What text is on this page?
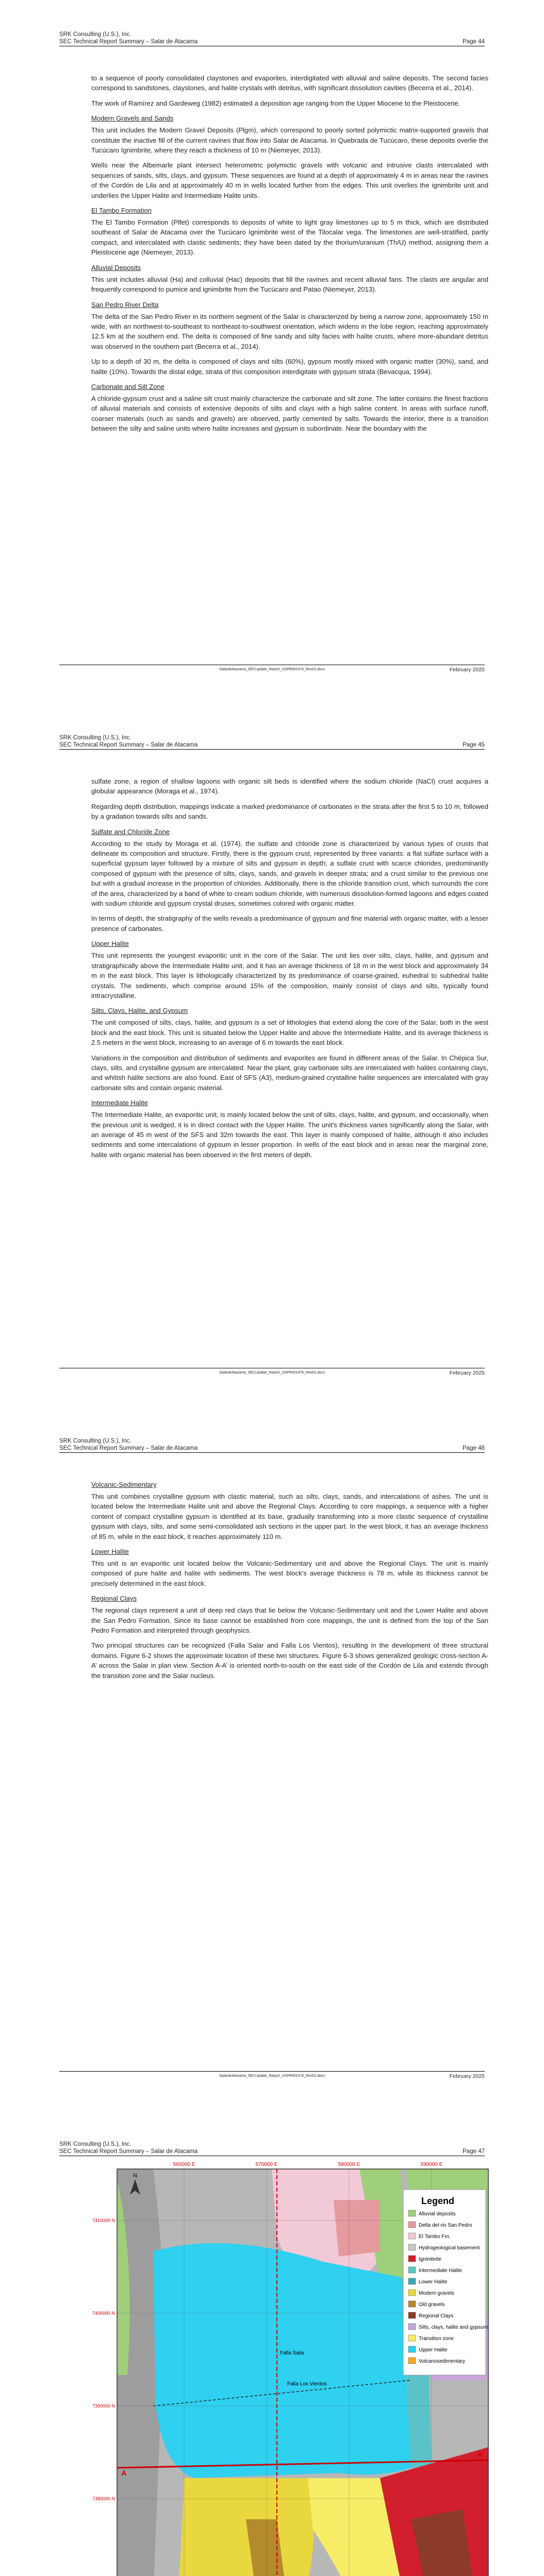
SRK Consulting (U.S.), Inc.
SEC Technical Report Summary – Salar de Atacama	Page 44

to a sequence of poorly consolidated claystones and evaporites, interdigitated with alluvial and saline deposits. The second facies correspond to sandstones, claystones, and halite crystals with detritus, with significant dissolution cavities (Becerra et al., 2014).

The work of Ramírez and Gardeweg (1982) estimated a deposition age ranging from the Upper Miocene to the Pleistocene.

Modern Gravels and Sands

This unit includes the Modern Gravel Deposits (Plgm), which correspond to poorly sorted polymictic matrix-supported gravels that constitute the inactive fill of the current ravines that flow into Salar de Atacama. In Quebrada de Tucúcaro, these deposits overlie the Tucúcaro Ignimbrite, where they reach a thickness of 10 m (Niemeyer, 2013).

Wells near the Albemarle plant intersect heterometric polymictic gravels with volcanic and intrusive clasts intercalated with sequences of sands, silts, clays, and gypsum. These sequences are found at a depth of approximately 4 m in areas near the ravines of the Cordón de Lila and at approximately 40 m in wells located further from the edges. This unit overlies the ignimbrite unit and underlies the Upper Halite and Intermediate Halite units.

El Tambo Formation

The El Tambo Formation (Plfet) corresponds to deposits of white to light gray limestones up to 5 m thick, which are distributed southeast of Salar de Atacama over the Tucúcaro Ignimbrite west of the Tilocalar vega. The limestones are well-stratified, partly compact, and intercalated with clastic sediments; they have been dated by the thorium/uranium (Th/U) method, assigning them a Pleistocene age (Niemeyer, 2013).

Alluvial Deposits

This unit includes alluvial (Ha) and colluvial (Hac) deposits that fill the ravines and recent alluvial fans. The clasts are angular and frequently correspond to pumice and ignimbrite from the Tucúcaro and Patao (Niemeyer, 2013).

San Pedro River Delta

The delta of the San Pedro River in its northern segment of the Salar is characterized by being a narrow zone, approximately 150 m wide, with an northwest-to-southeast to northeast-to-southwest orientation, which widens in the lobe region, reaching approximately 12.5 km at the southern end. The delta is composed of fine sandy and silty facies with halite crusts, where more-abundant detritus was observed in the southern part (Becerra et al., 2014).

Up to a depth of 30 m, the delta is composed of clays and silts (60%), gypsum mostly mixed with organic matter (30%), sand, and halite (10%). Towards the distal edge, strata of this composition interdigitate with gypsum strata (Bevacqua, 1994).

Carbonate and Silt Zone

A chloride-gypsum crust and a saline silt crust mainly characterize the carbonate and silt zone. The latter contains the finest fractions of alluvial materials and consists of extensive deposits of silts and clays with a high saline content. In areas with surface runoff, coarser materials (such as sands and gravels) are observed, partly cemented by salts. Towards the interior, there is a transition between the silty and saline units where halite increases and gypsum is subordinate. Near the boundary with the

SalardeAtacama_SECUpdate_Report_USPR001676_Rev02.docx	February 2025
SRK Consulting (U.S.), Inc.
SEC Technical Report Summary – Salar de Atacama	Page 45

sulfate zone, a region of shallow lagoons with organic silt beds is identified where the sodium chloride (NaCl) crust acquires a globular appearance (Moraga et al., 1974).

Regarding depth distribution, mappings indicate a marked predominance of carbonates in the strata after the first 5 to 10 m, followed by a gradation towards silts and sands.

Sulfate and Chloride Zone

According to the study by Moraga et al. (1974), the sulfate and chloride zone is characterized by various types of crusts that delineate its composition and structure. Firstly, there is the gypsum crust, represented by three variants: a flat sulfate surface with a superficial gypsum layer followed by a mixture of silts and gypsum in depth; a sulfate crust with scarce chlorides, predominantly composed of gypsum with the presence of silts, clays, sands, and gravels in deeper strata; and a crust similar to the previous one but with a gradual increase in the proportion of chlorides. Additionally, there is the chloride transition crust, which surrounds the core of the area, characterized by a band of white to cream sodium chloride, with numerous dissolution-formed lagoons and edges coated with sodium chloride and gypsum crystal druses, sometimes colored with organic matter.

In terms of depth, the stratigraphy of the wells reveals a predominance of gypsum and fine material with organic matter, with a lesser presence of carbonates.

Upper Halite

This unit represents the youngest evaporitic unit in the core of the Salar. The unit lies over silts, clays, halite, and gypsum and stratigraphically above the Intermediate Halite unit, and it has an average thickness of 18 m in the west block and approximately 34 m in the east block. This layer is lithologically characterized by its predominance of coarse-grained, euhedral to subhedral halite crystals. The sediments, which comprise around 15% of the composition, mainly consist of clays and silts, typically found intracrystalline.

Silts, Clays, Halite, and Gypsum

The unit composed of silts, clays, halite, and gypsum is a set of lithologies that extend along the core of the Salar, both in the west block and the east block. This unit is situated below the Upper Halite and above the Intermediate Halite, and its average thickness is 2.5 meters in the west block, increasing to an average of 6 m towards the east block.

Variations in the composition and distribution of sediments and evaporites are found in different areas of the Salar. In Chépica Sur, clays, silts, and crystalline gypsum are intercalated. Near the plant, gray carbonate silts are intercalated with halites containing clays, and whitish halite sections are also found. East of SFS (A3), medium-grained crystalline halite sequences are intercalated with gray carbonate silts and contain organic material.

Intermediate Halite

The Intermediate Halite, an evaporitic unit, is mainly located below the unit of silts, clays, halite, and gypsum, and occasionally, when the previous unit is wedged, it is in direct contact with the Upper Halite. The unit's thickness varies significantly along the Salar, with an average of 45 m west of the SFS and 32m towards the east. This layer is mainly composed of halite, although it also includes sediments and some intercalations of gypsum in lesser proportion. In wells of the east block and in areas near the marginal zone, halite with organic material has been observed in the first meters of depth.

SalardeAtacama_SECUpdate_Report_USPR001676_Rev02.docx	February 2025
SRK Consulting (U.S.), Inc.
SEC Technical Report Summary – Salar de Atacama	Page 46
Volcanic-Sedimentary

This unit combines crystalline gypsum with clastic material, such as silts, clays, sands, and intercalations of ashes. The unit is located below the Intermediate Halite unit and above the Regional Clays. According to core mappings, a sequence with a higher content of compact crystalline gypsum is identified at its base, gradually transforming into a more clastic sequence of crystalline gypsum with clays, silts, and some semi-consolidated ash sections in the upper part. In the west block, it has an average thickness of 85 m, while in the east block, it reaches approximately 110 m.

Lower Halite

This unit is an evaporitic unit located below the Volcanic-Sedimentary unit and above the Regional Clays. The unit is mainly composed of pure halite and halite with sediments. The west block's average thickness is 78 m, while its thickness cannot be precisely determined in the east block.

Regional Clays

The regional clays represent a unit of deep red clays that lie below the Volcanic-Sedimentary unit and the Lower Halite and above the San Pedro Formation. Since its base cannot be established from core mappings, the unit is defined from the top of the San Pedro Formation and interpreted through geophysics.

Two principal structures can be recognized (Falla Salar and Falla Los Vientos), resulting in the development of three structural domains. Figure 6-2 shows the approximate location of these two structures. Figure 6-3 shows generalized geologic cross-section A-A’ across the Salar in plan view. Section A-A’ is oriented north-to-south on the east side of the Cordón de Lila and extends through the transition zone and the Salar nucleus.

SalardeAtacama_SECUpdate_Report_USPR001676_Rev02.docx	February 2025
SRK Consulting (U.S.), Inc.
SEC Technical Report Summary – Salar de Atacama	Page 47
560000 E	570000 E	580000 E	590000 E
7410000 N
7400000 N
7390000 N
7380000 N
A
A'
Falla Salar
Falla Los Vientos
Legend
Alluvial deposits
Delta del rio San Pedro
El Tambo Fm.
Hydrogeological basement
Ignimbrite
Intermediate Halite
Lower Halite
Modern gravels
Old gravels
Regional Clays
Silts, clays, halite and gypsum
Transition zone
Upper Halite
Volcanosedimentary
N
